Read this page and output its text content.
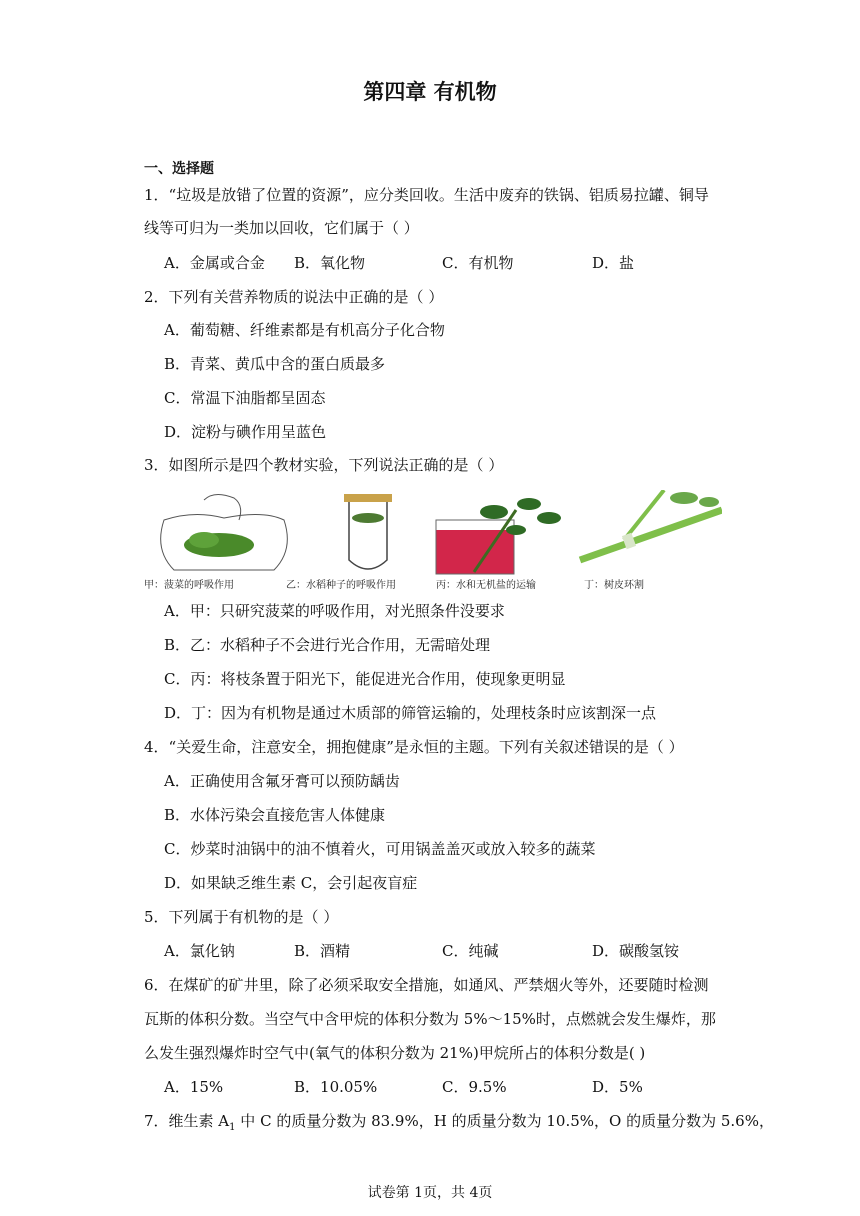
第四章 有机物
一、选择题
1．“垃圾是放错了位置的资源”，应分类回收。生活中废弃的铁锅、铝质易拉罐、铜导
线等可归为一类加以回收，它们属于（ ）
A．金属或合金 B．氧化物	C．有机物	D．盐
2．下列有关营养物质的说法中正确的是（ ）
A．葡萄糖、纤维素都是有机高分子化合物
B．青菜、黄瓜中含的蛋白质最多
C．常温下油脂都呈固态
D．淀粉与碘作用呈蓝色
3．如图所示是四个教材实验，下列说法正确的是（ ）
甲：菠菜的呼吸作用	乙：水稻种子的呼吸作用	丙：水和无机盐的运输	丁：树皮环割
A．甲：只研究菠菜的呼吸作用，对光照条件没要求
B．乙：水稻种子不会进行光合作用，无需暗处理
C．丙：将枝条置于阳光下，能促进光合作用，使现象更明显
D．丁：因为有机物是通过木质部的筛管运输的，处理枝条时应该割深一点
4．“关爱生命，注意安全，拥抱健康”是永恒的主题。下列有关叙述错误的是（ ）
A．正确使用含氟牙膏可以预防龋齿
B．水体污染会直接危害人体健康
C．炒菜时油锅中的油不慎着火，可用锅盖盖灭或放入较多的蔬菜
D．如果缺乏维生素 C，会引起夜盲症
5．下列属于有机物的是（ ）
A．氯化钠	B．酒精	C．纯碱	D．碳酸氢铵
6．在煤矿的矿井里，除了必须采取安全措施，如通风、严禁烟火等外，还要随时检测
瓦斯的体积分数。当空气中含甲烷的体积分数为 5%～15%时，点燃就会发生爆炸，那
么发生强烈爆炸时空气中(氧气的体积分数为 21%)甲烷所占的体积分数是( )
A．15%	B．10.05%	C．9.5%	D．5%
7．维生素 $A_1$ 中 C 的质量分数为 83.9%，H 的质量分数为 10.5%，O 的质量分数为 5.6%，
试卷第 1页，共 4页
